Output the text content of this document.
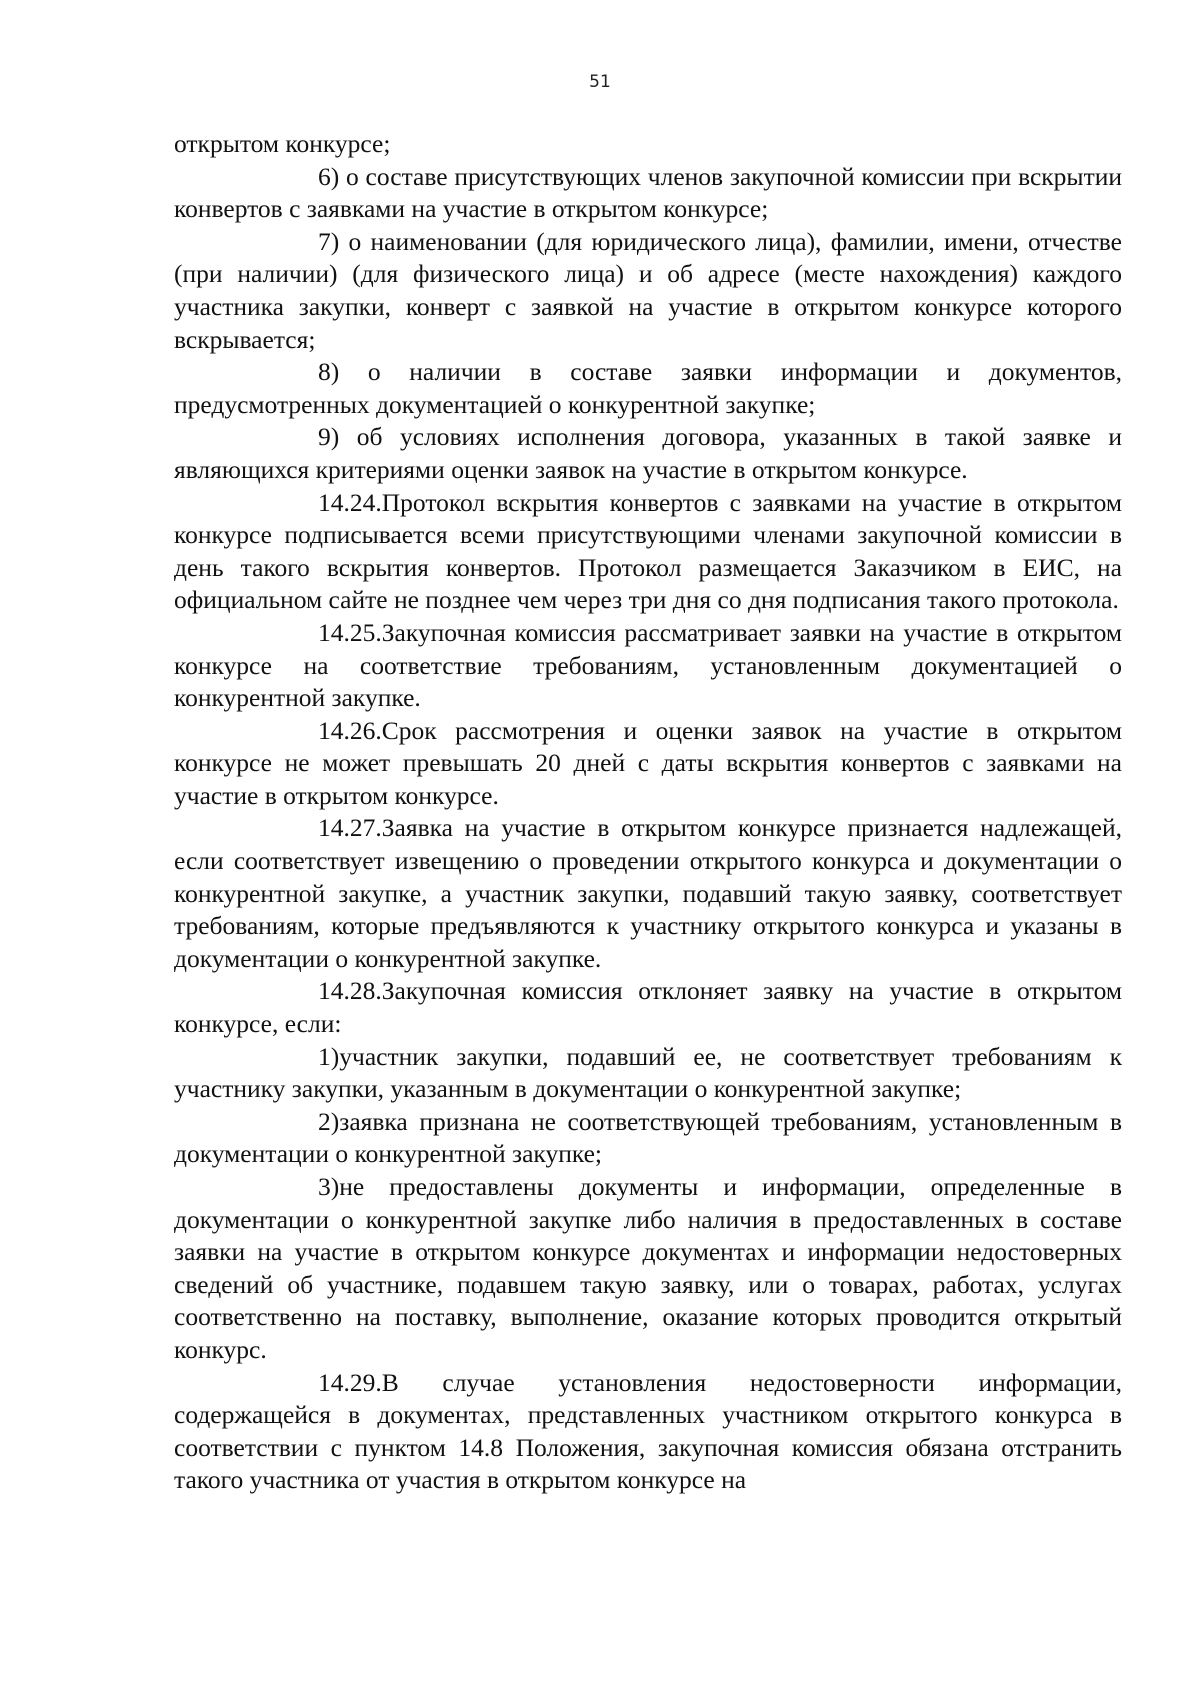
51

открытом конкурсе;

6) о составе присутствующих членов закупочной комиссии при вскрытии конвертов с заявками на участие в открытом конкурсе;

7) о наименовании (для юридического лица), фамилии, имени, отчестве (при наличии) (для физического лица) и об адресе (месте нахождения) каждого участника закупки, конверт с заявкой на участие в открытом конкурсе которого вскрывается;

8) о наличии в составе заявки информации и документов, предусмотренных документацией о конкурентной закупке;

9) об условиях исполнения договора, указанных в такой заявке и являющихся критериями оценки заявок на участие в открытом конкурсе.

14.24.Протокол вскрытия конвертов с заявками на участие в открытом конкурсе подписывается всеми присутствующими членами закупочной комиссии в день такого вскрытия конвертов. Протокол размещается Заказчиком в ЕИС, на официальном сайте не позднее чем через три дня со дня подписания такого протокола.

14.25.Закупочная комиссия рассматривает заявки на участие в открытом конкурсе на соответствие требованиям, установленным документацией о конкурентной закупке.

14.26.Срок рассмотрения и оценки заявок на участие в открытом конкурсе не может превышать 20 дней с даты вскрытия конвертов с заявками на участие в открытом конкурсе.

14.27.Заявка на участие в открытом конкурсе признается надлежащей, если соответствует извещению о проведении открытого конкурса и документации о конкурентной закупке, а участник закупки, подавший такую заявку, соответствует требованиям, которые предъявляются к участнику открытого конкурса и указаны в документации о конкурентной закупке.

14.28.Закупочная комиссия отклоняет заявку на участие в открытом конкурсе, если:

1)участник закупки, подавший ее, не соответствует требованиям к участнику закупки, указанным в документации о конкурентной закупке;

2)заявка признана не соответствующей требованиям, установленным в документации о конкурентной закупке;

3)не предоставлены документы и информации, определенные в документации о конкурентной закупке либо наличия в предоставленных в составе заявки на участие в открытом конкурсе документах и информации недостоверных сведений об участнике, подавшем такую заявку, или о товарах, работах, услугах соответственно на поставку, выполнение, оказание которых проводится открытый конкурс.

14.29.В случае установления недостоверности информации, содержащейся в документах, представленных участником открытого конкурса в соответствии с пунктом 14.8 Положения, закупочная комиссия обязана отстранить такого участника от участия в открытом конкурсе на
